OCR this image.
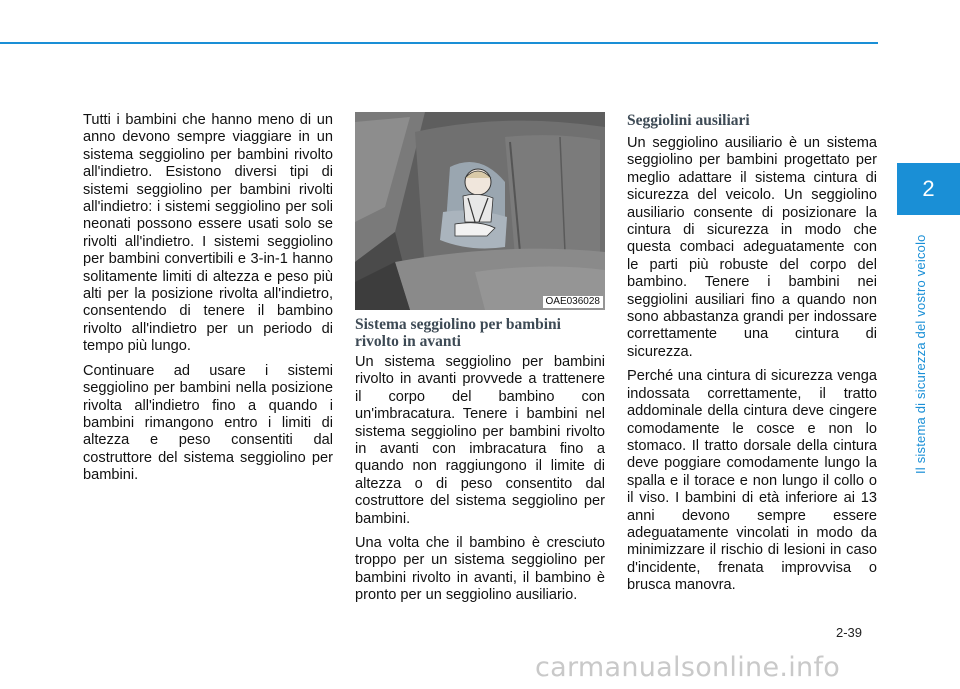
Tutti i bambini che hanno meno di un anno devono sempre viaggiare in un sistema seggiolino per bambini rivolto all'indietro. Esistono diversi tipi di sistemi seggiolino per bambini rivolti all'indietro: i sistemi seggiolino per soli neonati possono essere usati solo se rivolti all'indietro. I sistemi seggiolino per bambini convertibili e 3-in-1 hanno solitamente limiti di altezza e peso più alti per la posizione rivolta all'indietro, consentendo di tenere il bambino rivolto all'indietro per un periodo di tempo più lungo.

Continuare ad usare i sistemi seggiolino per bambini nella posizione rivolta all'indietro fino a quando i bambini rimangono entro i limiti di altezza e peso consentiti dal costruttore del sistema seggiolino per bambini.

OAE036028
Sistema seggiolino per bambini rivolto in avanti

Un sistema seggiolino per bambini rivolto in avanti provvede a trattenere il corpo del bambino con un'imbracatura. Tenere i bambini nel sistema seggiolino per bambini rivolto in avanti con imbracatura fino a quando non raggiungono il limite di altezza o di peso consentito dal costruttore del sistema seggiolino per bambini.

Una volta che il bambino è cresciuto troppo per un sistema seggiolino per bambini rivolto in avanti, il bambino è pronto per un seggiolino ausiliario.

Seggiolini ausiliari

Un seggiolino ausiliario è un sistema seggiolino per bambini progettato per meglio adattare il sistema cintura di sicurezza del veicolo. Un seggiolino ausiliario consente di posizionare la cintura di sicurezza in modo che questa combaci adeguatamente con le parti più robuste del corpo del bambino. Tenere i bambini nei seggiolini ausiliari fino a quando non sono abbastanza grandi per indossare correttamente una cintura di sicurezza.

Perché una cintura di sicurezza venga indossata correttamente, il tratto addominale della cintura deve cingere comodamente le cosce e non lo stomaco. Il tratto dorsale della cintura deve poggiare comodamente lungo la spalla e il torace e non lungo il collo o il viso. I bambini di età inferiore ai 13 anni devono sempre essere adeguatamente vincolati in modo da minimizzare il rischio di lesioni in caso d'incidente, frenata improvvisa o brusca manovra.

2
Il sistema di sicurezza del vostro veicolo
2-39
carmanualsonline.info
